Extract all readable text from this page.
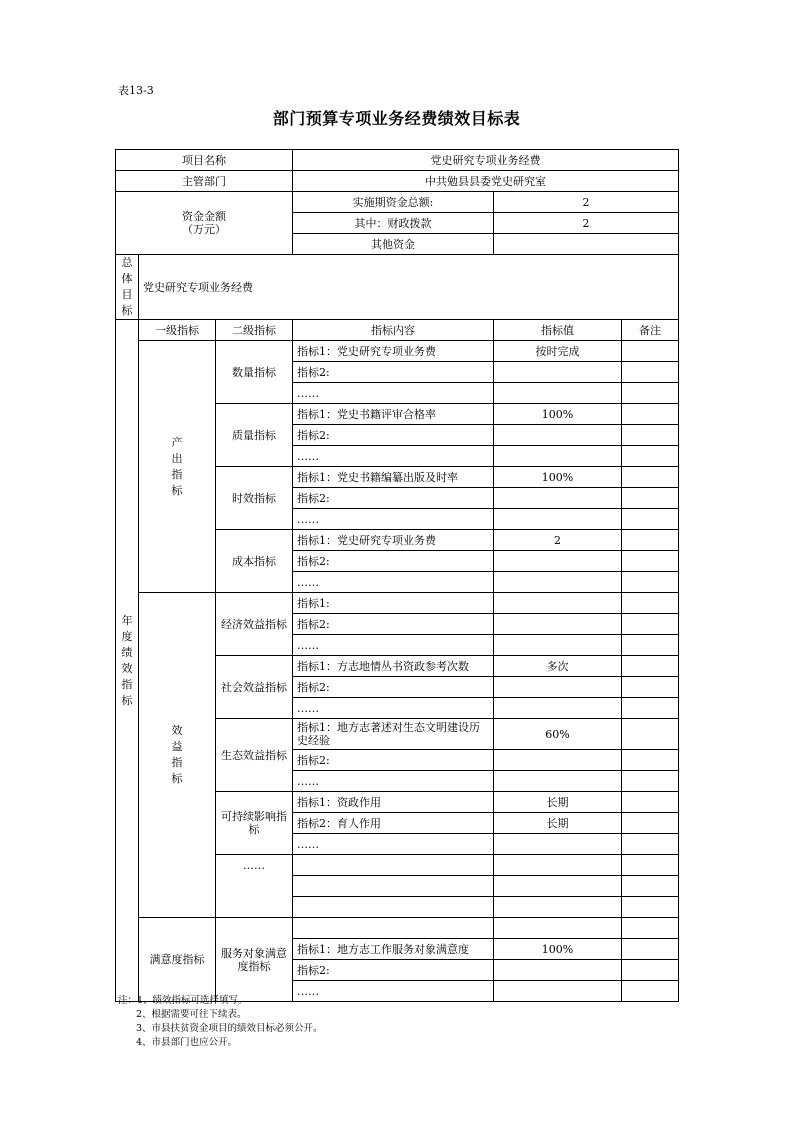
表13-3
部门预算专项业务经费绩效目标表
项目名称			党史研究专项业务经费		
主管部门			中共勉县县委党史研究室		

资金金额
（万元）			实施期资金总额:	2	
			其中：财政拨款	2	
			其他资金		
总体目标	党史研究专项业务经费				
年度绩效指标	一级指标	二级指标	指标内容	指标值	备注
	产出指标	数量指标	指标1：党史研究专项业务费	按时完成	
			指标2:		
			……		
		质量指标	指标1：党史书籍评审合格率	100%	
			指标2:		
			……		
		时效指标	指标1：党史书籍编纂出版及时率	100%	
			指标2:		
			……		
		成本指标	指标1：党史研究专项业务费	2	
			指标2:		
			……		
	效益指标	经济效益指标	指标1:		
			指标2:		
			……		
		社会效益指标	指标1：方志地情丛书资政参考次数	多次	
			指标2:		
			……		
		生态效益指标	指标1：地方志著述对生态文明建设历史经验	60%	
			指标2:		
			……		
		可持续影响指标	指标1：资政作用	长期	
			指标2：育人作用	长期	
			……		
		……			

	满意度指标	服务对象满意度指标			
			指标1：地方志工作服务对象满意度	100%	
			指标2:		
			……		
注：1、绩效指标可选择填写。
2、根据需要可往下续表。
3、市县扶贫资金项目的绩效目标必须公开。
4、市县部门也应公开。
